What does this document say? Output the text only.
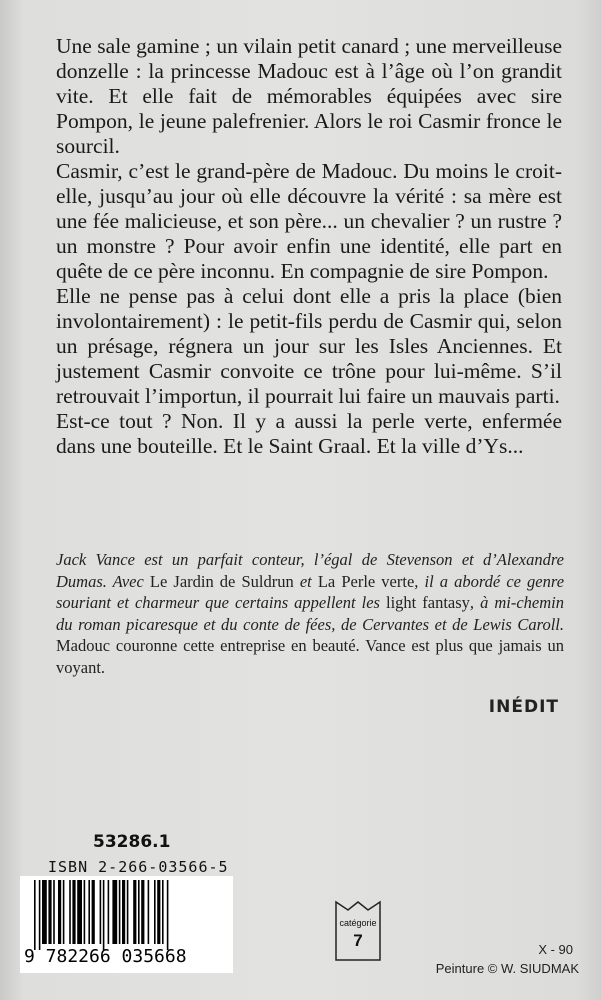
Une sale gamine ; un vilain petit canard ; une merveilleuse donzelle : la princesse Madouc est à l’âge où l’on grandit vite. Et elle fait de mémorables équipées avec sire Pompon, le jeune palefrenier. Alors le roi Casmir fronce le sourcil.

Casmir, c’est le grand-père de Madouc. Du moins le croit-elle, jusqu’au jour où elle découvre la vérité : sa mère est une fée malicieuse, et son père... un chevalier ? un rustre ? un monstre ? Pour avoir enfin une identité, elle part en quête de ce père inconnu. En compagnie de sire Pompon.

Elle ne pense pas à celui dont elle a pris la place (bien involontairement) : le petit-fils perdu de Casmir qui, selon un présage, régnera un jour sur les Isles Anciennes. Et justement Casmir convoite ce trône pour lui-même. S’il retrouvait l’importun, il pourrait lui faire un mauvais parti.

Est-ce tout ? Non. Il y a aussi la perle verte, enfermée dans une bouteille. Et le Saint Graal. Et la ville d’Ys...

Jack Vance est un parfait conteur, l’égal de Stevenson et d’Alexandre Dumas. Avec Le Jardin de Suldrun et La Perle verte, il a abordé ce genre souriant et charmeur que certains appellent les light fantasy, à mi-chemin du roman picaresque et du conte de fées, de Cervantes et de Lewis Caroll. Madouc couronne cette entreprise en beauté. Vance est plus que jamais un voyant.

INÉDIT
53286.1
ISBN 2-266-03566-5
9 782266 035668
catégorie
7	X - 90
Peinture © W. SIUDMAK
